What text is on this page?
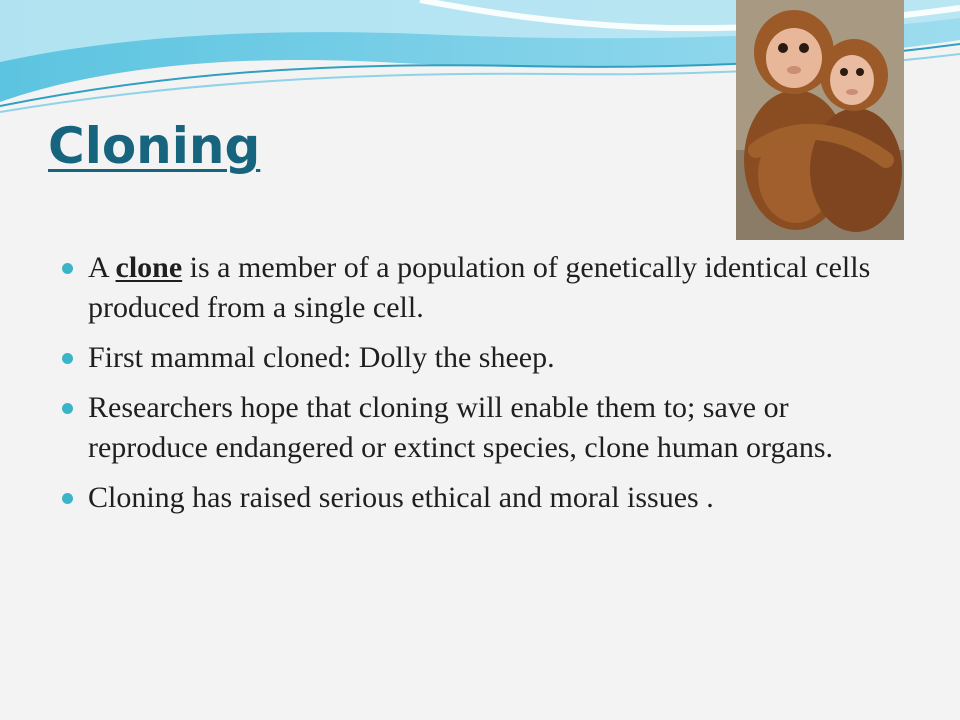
Cloning
A clone is a member of a population of genetically identical cells produced from a single cell.
First mammal cloned: Dolly the sheep.
Researchers hope that cloning will enable them to; save or reproduce endangered or extinct species, clone human organs.
Cloning has raised serious ethical and moral issues .
